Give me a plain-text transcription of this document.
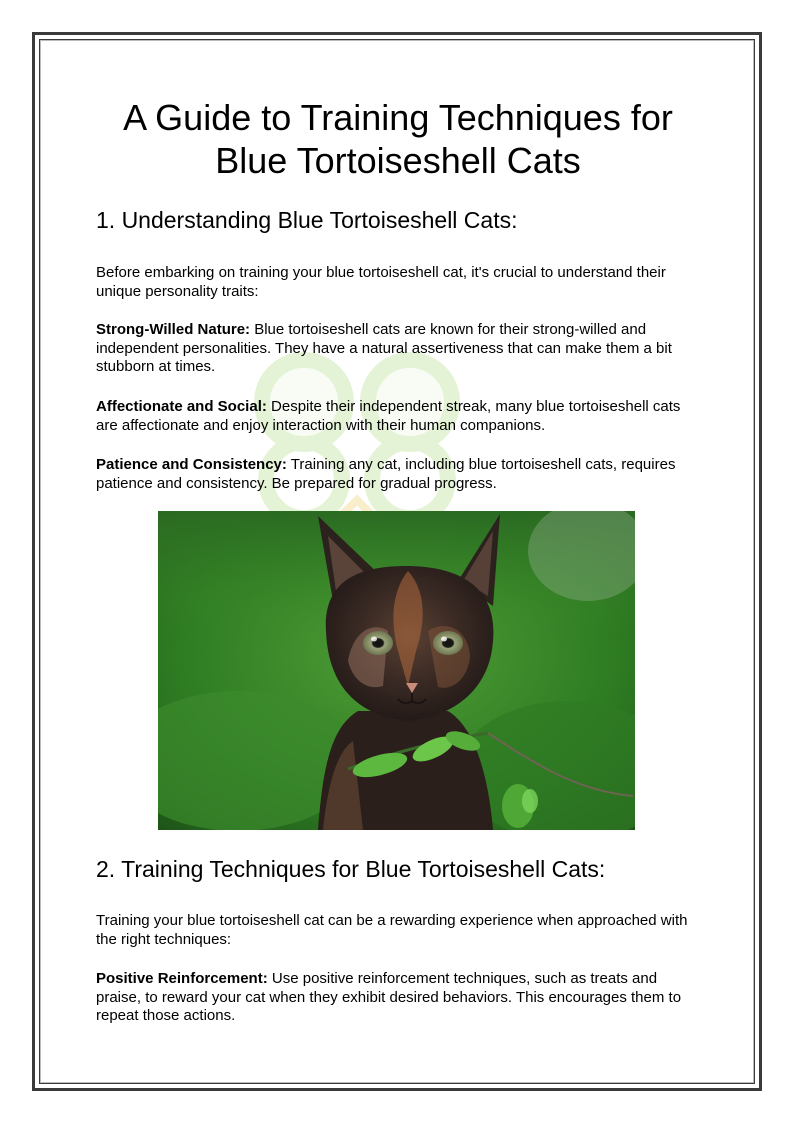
A Guide to Training Techniques for Blue Tortoiseshell Cats
1. Understanding Blue Tortoiseshell Cats:

Before embarking on training your blue tortoiseshell cat, it's crucial to understand their unique personality traits:

Strong-Willed Nature: Blue tortoiseshell cats are known for their strong-willed and independent personalities. They have a natural assertiveness that can make them a bit stubborn at times.

Affectionate and Social: Despite their independent streak, many blue tortoiseshell cats are affectionate and enjoy interaction with their human companions.

Patience and Consistency: Training any cat, including blue tortoiseshell cats, requires patience and consistency. Be prepared for gradual progress.

2. Training Techniques for Blue Tortoiseshell Cats:

Training your blue tortoiseshell cat can be a rewarding experience when approached with the right techniques:

Positive Reinforcement: Use positive reinforcement techniques, such as treats and praise, to reward your cat when they exhibit desired behaviors. This encourages them to repeat those actions.
